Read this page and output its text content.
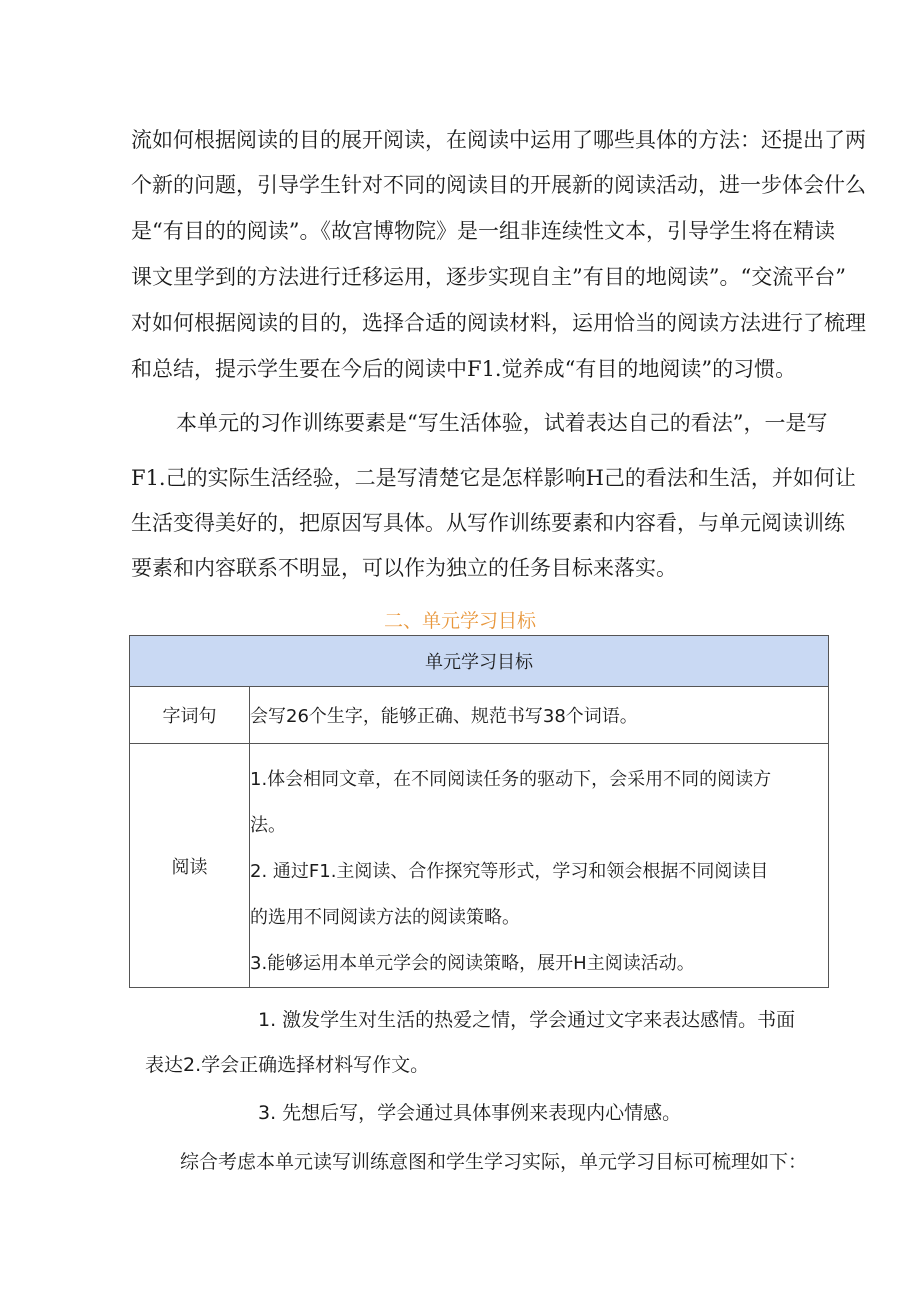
流如何根据阅读的目的展开阅读，在阅读中运用了哪些具体的方法：还提出了两
个新的问题，引导学生针对不同的阅读目的开展新的阅读活动，进一步体会什么
是“有目的的阅读”。《故宫博物院》是一组非连续性文本，引导学生将在精读
课文里学到的方法进行迁移运用，逐步实现自主”有目的地阅读”。“交流平台”
对如何根据阅读的目的，选择合适的阅读材料，运用恰当的阅读方法进行了梳理
和总结，提示学生要在今后的阅读中F1.觉养成“有目的地阅读”的习惯。
本单元的习作训练要素是“写生活体验，试着表达自己的看法”，一是写
F1.己的实际生活经验，二是写清楚它是怎样影响H己的看法和生活，并如何让
生活变得美好的，把原因写具体。从写作训练要素和内容看，与单元阅读训练
要素和内容联系不明显，可以作为独立的任务目标来落实。
二、单元学习目标
单元学习目标	
字词句	会写26个生字，能够正确、规范书写38个词语。
阅读	1.体会相同文章，在不同阅读任务的驱动下，会采用不同的阅读方
法。
2. 通过F1.主阅读、合作探究等形式，学习和领会根据不同阅读目
的选用不同阅读方法的阅读策略。
3.能够运用本单元学会的阅读策略，展开H主阅读活动。
1. 激发学生对生活的热爱之情，学会通过文字来表达感情。书面
表达2.学会正确选择材料写作文。
3. 先想后写，学会通过具体事例来表现内心情感。
综合考虑本单元读写训练意图和学生学习实际，单元学习目标可梳理如下：
